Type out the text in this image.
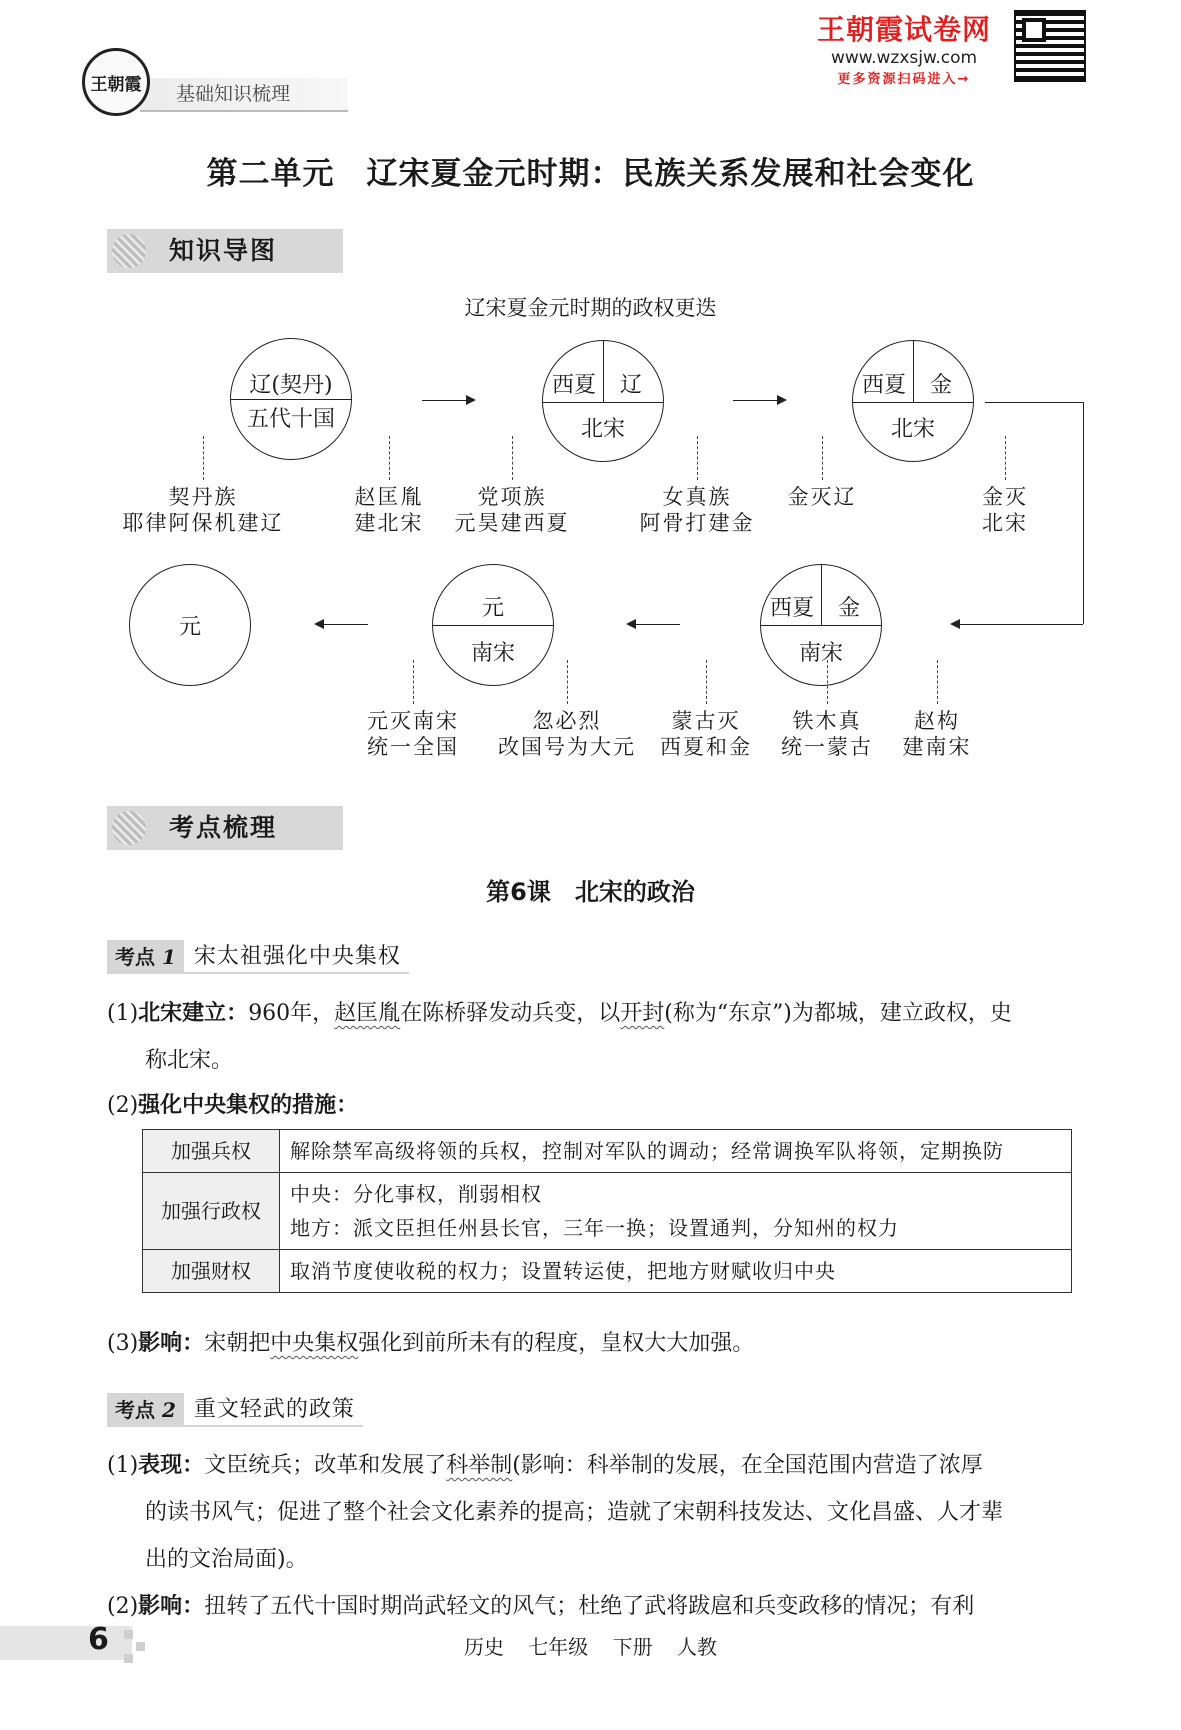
基础知识梳理
王朝霞
王朝霞试卷网
www.wzxsjw.com
更多资源扫码进入→
第二单元　辽宋夏金元时期：民族关系发展和社会变化
知识导图
辽宋夏金元时期的政权更迭
辽(契丹)
五代十国
西夏	辽
北宋
西夏	金
北宋
契丹族
耶律阿保机建辽
赵匡胤
建北宋
党项族
元昊建西夏
女真族
阿骨打建金
金灭辽	金灭
北宋
元
元
南宋
西夏	金
南宋
元灭南宋
统一全国
忽必烈
改国号为大元
蒙古灭
西夏和金
铁木真
统一蒙古
赵构
建南宋
考点梳理
第6课　北宋的政治
考点 1 宋太祖强化中央集权
(1)北宋建立：960年，赵匡胤在陈桥驿发动兵变，以开封(称为“东京”)为都城，建立政权，史
称北宋。
(2)强化中央集权的措施：
加强兵权	解除禁军高级将领的兵权，控制对军队的调动；经常调换军队将领，定期换防
加强行政权	中央：分化事权，削弱相权
地方：派文臣担任州县长官，三年一换；设置通判，分知州的权力

加强财权	取消节度使收税的权力；设置转运使，把地方财赋收归中央
(3)影响：宋朝把中央集权强化到前所未有的程度，皇权大大加强。
考点 2 重文轻武的政策
(1)表现：文臣统兵；改革和发展了科举制(影响：科举制的发展，在全国范围内营造了浓厚
的读书风气；促进了整个社会文化素养的提高；造就了宋朝科技发达、文化昌盛、人才辈
出的文治局面)。
(2)影响：扭转了五代十国时期尚武轻文的风气；杜绝了武将跋扈和兵变政移的情况；有利
6	历史 七年级 下册 人教
